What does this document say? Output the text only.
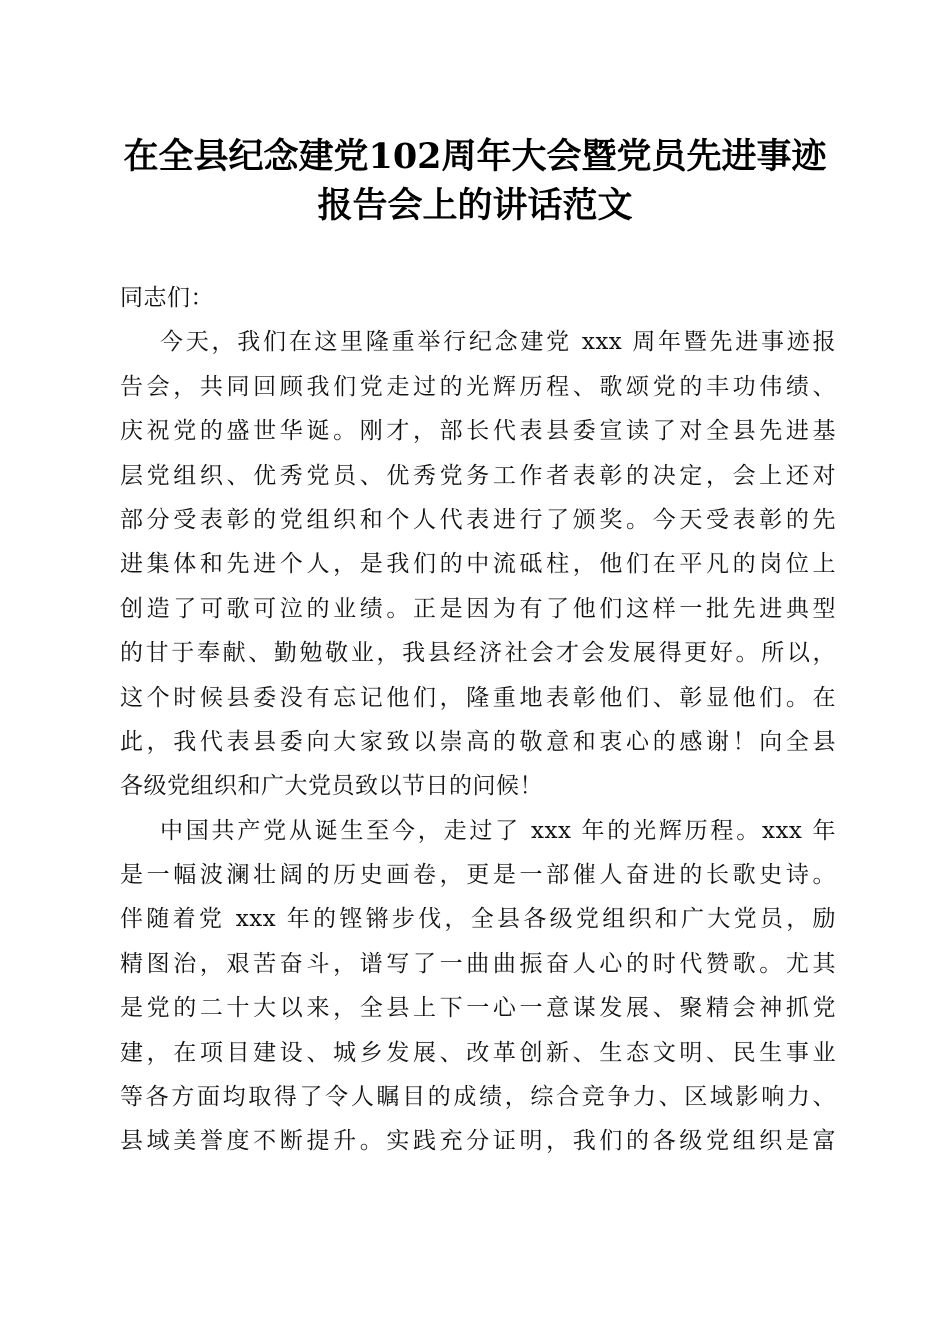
在全县纪念建党102周年大会暨党员先进事迹
报告会上的讲话范文
同志们：
今天，我们在这里隆重举行纪念建党 xxx 周年暨先进事迹报
告会，共同回顾我们党走过的光辉历程、歌颂党的丰功伟绩、
庆祝党的盛世华诞。刚才，部长代表县委宣读了对全县先进基
层党组织、优秀党员、优秀党务工作者表彰的决定，会上还对
部分受表彰的党组织和个人代表进行了颁奖。今天受表彰的先
进集体和先进个人，是我们的中流砥柱，他们在平凡的岗位上
创造了可歌可泣的业绩。正是因为有了他们这样一批先进典型
的甘于奉献、勤勉敬业，我县经济社会才会发展得更好。所以，
这个时候县委没有忘记他们，隆重地表彰他们、彰显他们。在
此，我代表县委向大家致以崇高的敬意和衷心的感谢！向全县
各级党组织和广大党员致以节日的问候！
中国共产党从诞生至今，走过了 xxx 年的光辉历程。xxx 年
是一幅波澜壮阔的历史画卷，更是一部催人奋进的长歌史诗。
伴随着党 xxx 年的铿锵步伐，全县各级党组织和广大党员，励
精图治，艰苦奋斗，谱写了一曲曲振奋人心的时代赞歌。尤其
是党的二十大以来，全县上下一心一意谋发展、聚精会神抓党
建，在项目建设、城乡发展、改革创新、生态文明、民生事业
等各方面均取得了令人瞩目的成绩，综合竞争力、区域影响力、
县域美誉度不断提升。实践充分证明，我们的各级党组织是富
